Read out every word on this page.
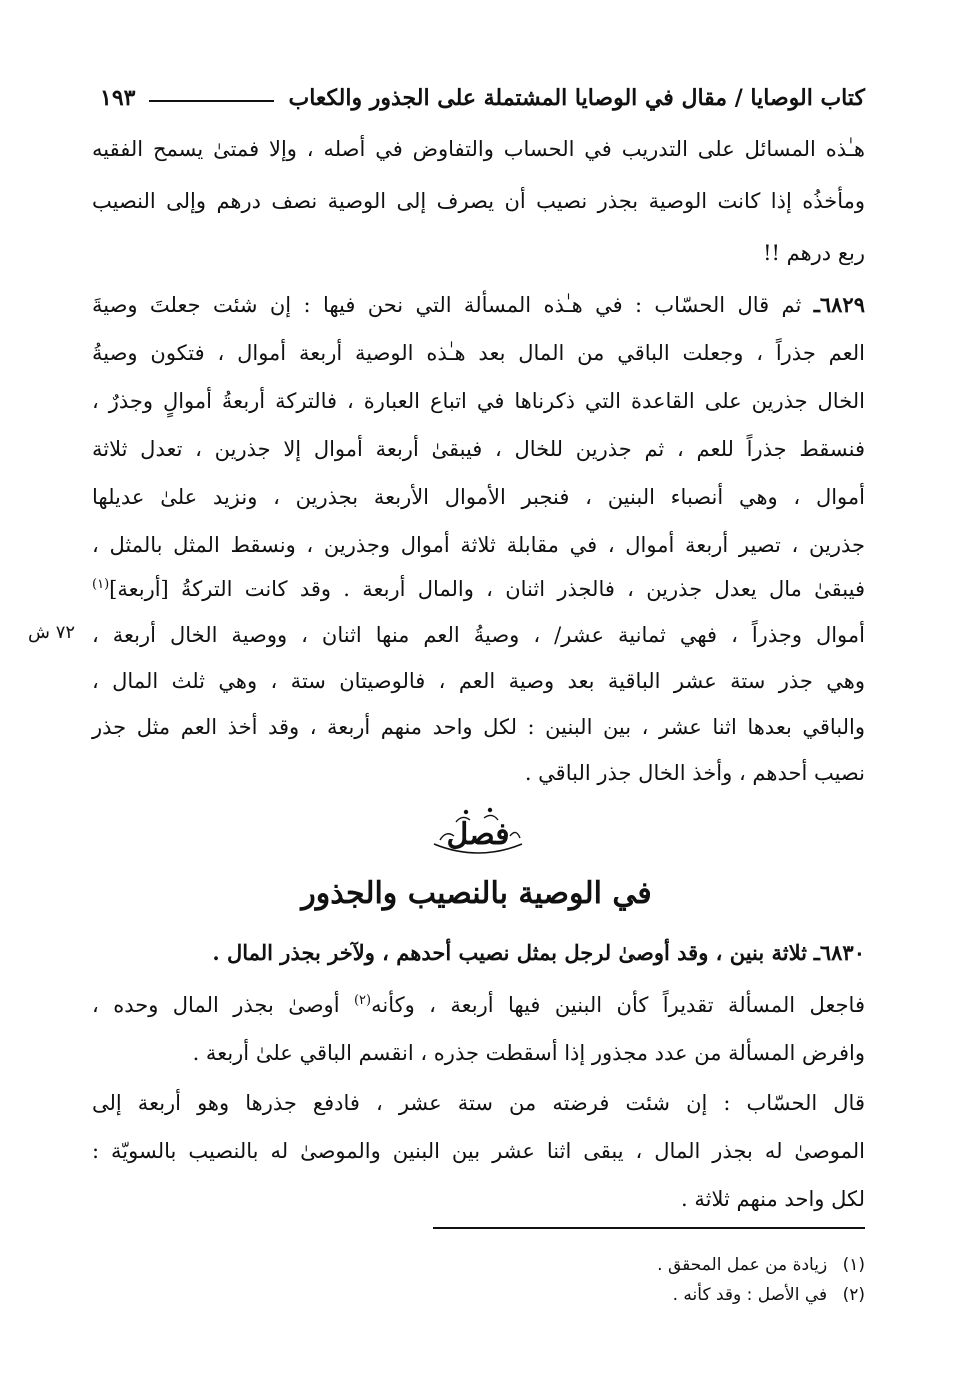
كتاب الوصايا / مقال في الوصايا المشتملة على الجذور والكعاب
١٩٣
هـٰذه المسائل على التدريب في الحساب والتفاوض في أصله ، وإلا فمتىٰ يسمح الفقيه
ومأخذُه إذا كانت الوصية بجذر نصيب أن يصرف إلى الوصية نصف درهم وإلى النصيب
ربع درهم !!
٦٨٢٩ـ ثم قال الحسّاب : في هـٰذه المسألة التي نحن فيها : إن شئت جعلتَ وصيةَ
العم جذراً ، وجعلت الباقي من المال بعد هـٰذه الوصية أربعة أموال ، فتكون وصيةُ
الخال جذرين على القاعدة التي ذكرناها في اتباع العبارة ، فالتركة أربعةُ أموالٍ وجذرٌ ،
فنسقط جذراً للعم ، ثم جذرين للخال ، فيبقىٰ أربعة أموال إلا جذرين ، تعدل ثلاثة
أموال ، وهي أنصباء البنين ، فنجبر الأموال الأربعة بجذرين ، ونزيد علىٰ عديلها
جذرين ، تصير أربعة أموال ، في مقابلة ثلاثة أموال وجذرين ، ونسقط المثل بالمثل ،
فيبقىٰ مال يعدل جذرين ، فالجذر اثنان ، والمال أربعة . وقد كانت التركةُ [أربعة]$^{(١)}$
أموال وجذراً ، فهي ثمانية عشر/ ، وصيةُ العم منها اثنان ، ووصية الخال أربعة ،
٧٢ ش
وهي جذر ستة عشر الباقية بعد وصية العم ، فالوصيتان ستة ، وهي ثلث المال ،
والباقي بعدها اثنا عشر ، بين البنين : لكل واحد منهم أربعة ، وقد أخذ العم مثل جذر
نصيب أحدهم ، وأخذ الخال جذر الباقي .
فصل
في الوصية بالنصيب والجذور
٦٨٣٠ـ ثلاثة بنين ، وقد أوصىٰ لرجل بمثل نصيب أحدهم ، ولآخر بجذر المال .
فاجعل المسألة تقديراً كأن البنين فيها أربعة ، وكأنه$^{(٢)}$ أوصىٰ بجذر المال وحده ،
وافرض المسألة من عدد مجذور إذا أسقطت جذره ، انقسم الباقي علىٰ أربعة .
قال الحسّاب : إن شئت فرضته من ستة عشر ، فادفع جذرها وهو أربعة إلى
الموصىٰ له بجذر المال ، يبقى اثنا عشر بين البنين والموصىٰ له بالنصيب بالسويّة :
لكل واحد منهم ثلاثة .
(١) زيادة من عمل المحقق .
(٢) في الأصل : وقد كأنه .
